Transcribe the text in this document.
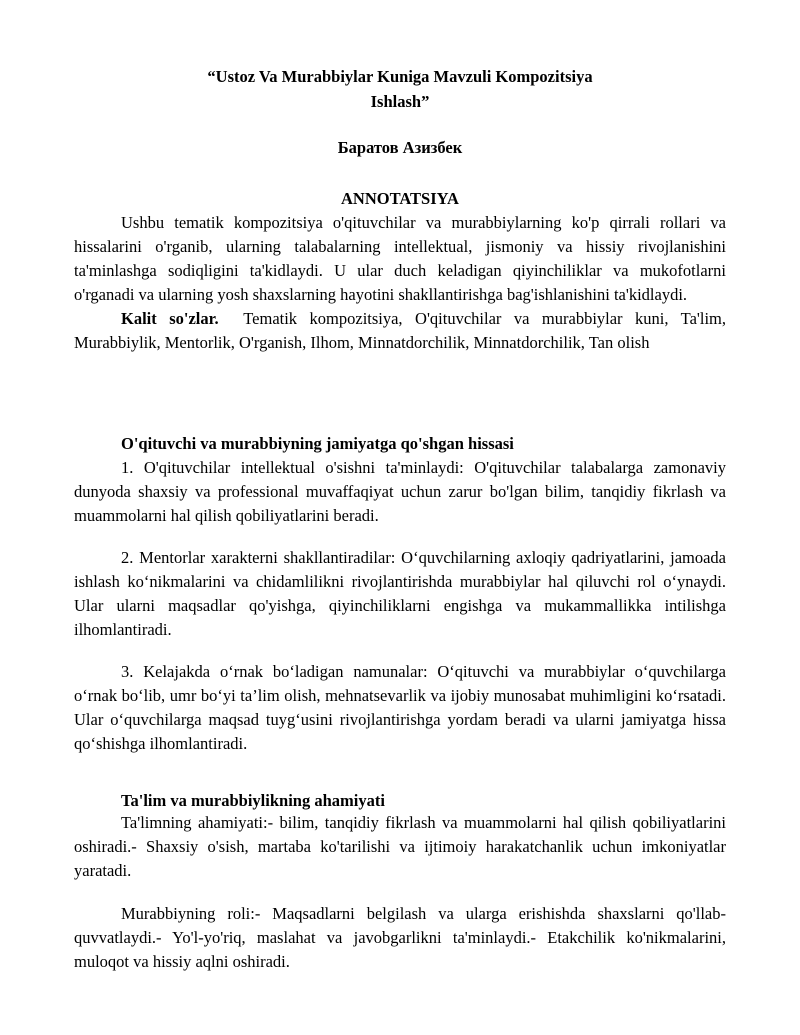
“Ustoz Va Murabbiylar Kuniga Mavzuli Kompozitsiya
Ishlash”
Баратов Азизбек
ANNOTATSIYA

Ushbu tematik kompozitsiya o'qituvchilar va murabbiylarning ko'p qirrali rollari va hissalarini o'rganib, ularning talabalarning intellektual, jismoniy va hissiy rivojlanishini ta'minlashga sodiqligini ta'kidlaydi. U ular duch keladigan qiyinchiliklar va mukofotlarni o'rganadi va ularning yosh shaxslarning hayotini shakllantirishga bag'ishlanishini ta'kidlaydi.

Kalit so'zlar. Tematik kompozitsiya, O'qituvchilar va murabbiylar kuni, Ta'lim, Murabbiylik, Mentorlik, O'rganish, Ilhom, Minnatdorchilik, Minnatdorchilik, Tan olish

O'qituvchi va murabbiyning jamiyatga qo'shgan hissasi

1. O'qituvchilar intellektual o'sishni ta'minlaydi: O'qituvchilar talabalarga zamonaviy dunyoda shaxsiy va professional muvaffaqiyat uchun zarur bo'lgan bilim, tanqidiy fikrlash va muammolarni hal qilish qobiliyatlarini beradi.

2. Mentorlar xarakterni shakllantiradilar: O‘quvchilarning axloqiy qadriyatlarini, jamoada ishlash ko‘nikmalarini va chidamlilikni rivojlantirishda murabbiylar hal qiluvchi rol o‘ynaydi. Ular ularni maqsadlar qo'yishga, qiyinchiliklarni engishga va mukammallikka intilishga ilhomlantiradi.

3. Kelajakda o‘rnak bo‘ladigan namunalar: O‘qituvchi va murabbiylar o‘quvchilarga o‘rnak bo‘lib, umr bo‘yi ta’lim olish, mehnatsevarlik va ijobiy munosabat muhimligini ko‘rsatadi. Ular o‘quvchilarga maqsad tuyg‘usini rivojlantirishga yordam beradi va ularni jamiyatga hissa qo‘shishga ilhomlantiradi.

Ta'lim va murabbiylikning ahamiyati

Ta'limning ahamiyati:- bilim, tanqidiy fikrlash va muammolarni hal qilish qobiliyatlarini oshiradi.- Shaxsiy o'sish, martaba ko'tarilishi va ijtimoiy harakatchanlik uchun imkoniyatlar yaratadi.

Murabbiyning roli:- Maqsadlarni belgilash va ularga erishishda shaxslarni qo'llab-quvvatlaydi.- Yo'l-yo'riq, maslahat va javobgarlikni ta'minlaydi.- Etakchilik ko'nikmalarini, muloqot va hissiy aqlni oshiradi.
